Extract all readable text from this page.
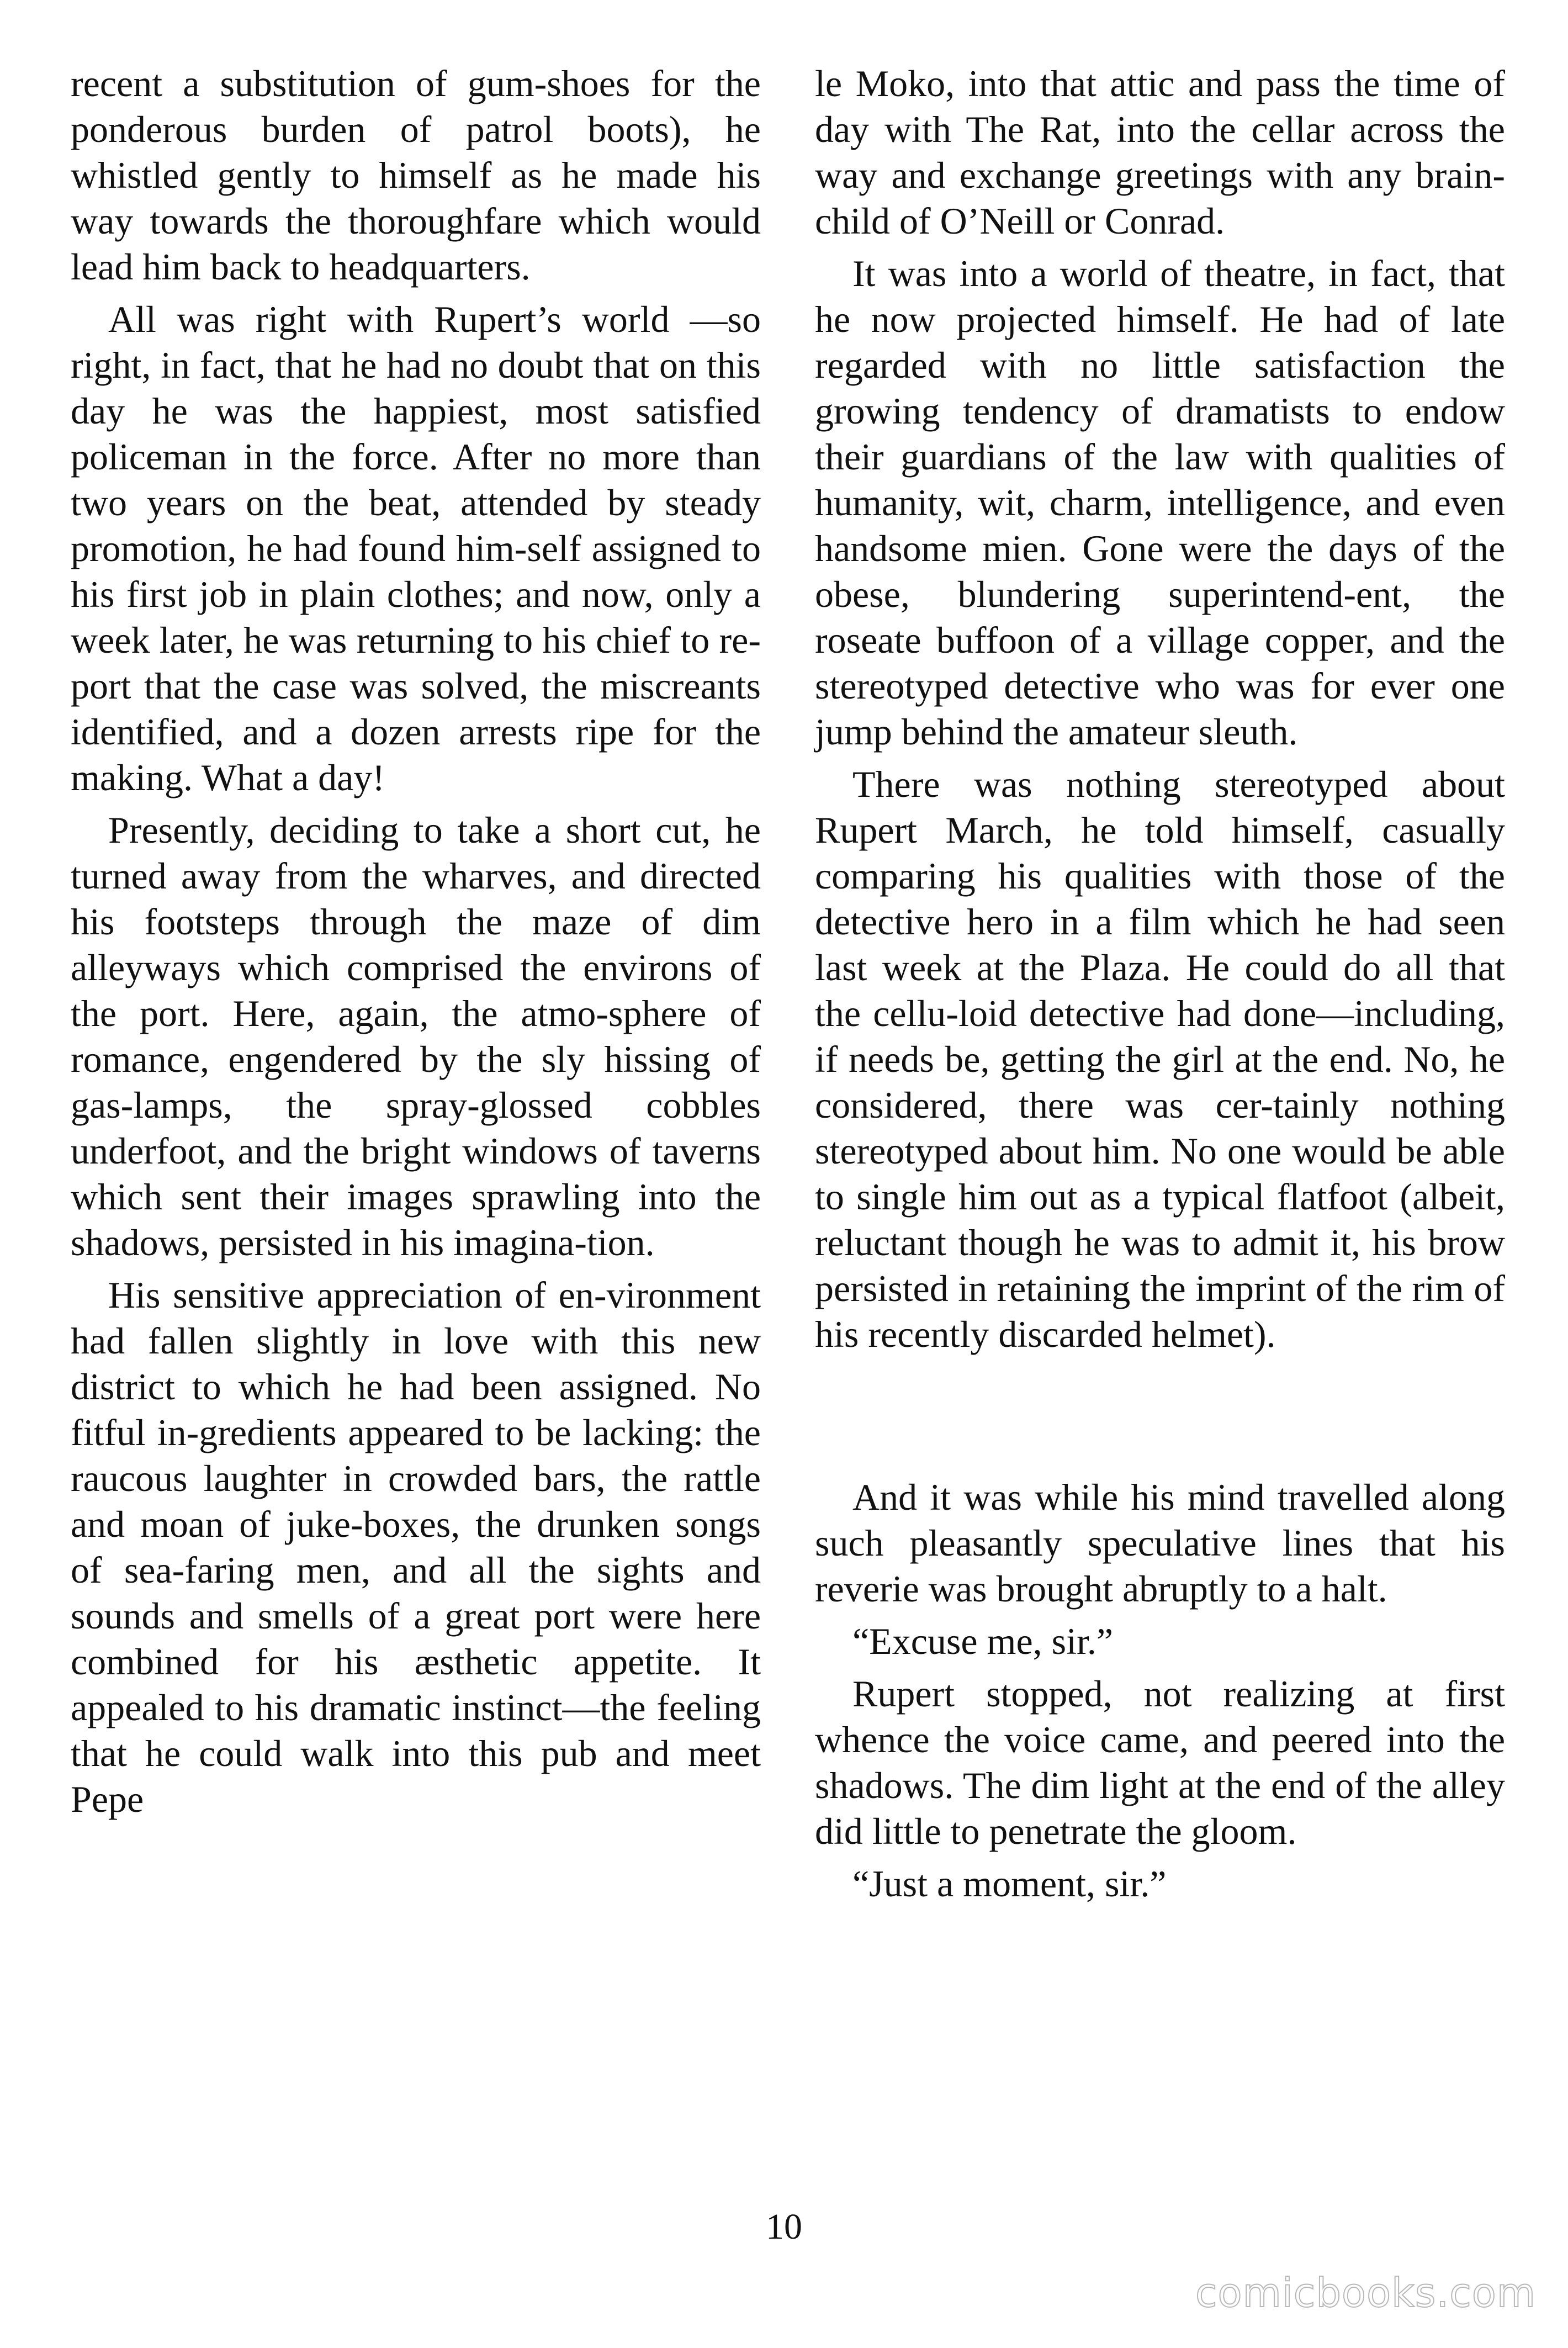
recent a substitution of gum-shoes for the ponderous burden of patrol boots), he whistled gently to himself as he made his way towards the thoroughfare which would lead him back to headquarters.

All was right with Rupert’s world —so right, in fact, that he had no doubt that on this day he was the happiest, most satisfied policeman in the force. After no more than two years on the beat, attended by steady promotion, he had found him-self assigned to his first job in plain clothes; and now, only a week later, he was returning to his chief to re-port that the case was solved, the miscreants identified, and a dozen arrests ripe for the making. What a day!

Presently, deciding to take a short cut, he turned away from the wharves, and directed his footsteps through the maze of dim alleyways which comprised the environs of the port. Here, again, the atmo-sphere of romance, engendered by the sly hissing of gas-lamps, the spray-glossed cobbles underfoot, and the bright windows of taverns which sent their images sprawling into the shadows, persisted in his imagina-tion.

His sensitive appreciation of en-vironment had fallen slightly in love with this new district to which he had been assigned. No fitful in-gredients appeared to be lacking: the raucous laughter in crowded bars, the rattle and moan of juke-boxes, the drunken songs of sea-faring men, and all the sights and sounds and smells of a great port were here combined for his æsthetic appetite. It appealed to his dramatic instinct—the feeling that he could walk into this pub and meet Pepe

le Moko, into that attic and pass the time of day with The Rat, into the cellar across the way and exchange greetings with any brain-child of O’Neill or Conrad.

It was into a world of theatre, in fact, that he now projected himself. He had of late regarded with no little satisfaction the growing tendency of dramatists to endow their guardians of the law with qualities of humanity, wit, charm, intelligence, and even handsome mien. Gone were the days of the obese, blundering superintend-ent, the roseate buffoon of a village copper, and the stereotyped detective who was for ever one jump behind the amateur sleuth.

There was nothing stereotyped about Rupert March, he told himself, casually comparing his qualities with those of the detective hero in a film which he had seen last week at the Plaza. He could do all that the cellu-loid detective had done—including, if needs be, getting the girl at the end. No, he considered, there was cer-tainly nothing stereotyped about him. No one would be able to single him out as a typical flatfoot (albeit, reluctant though he was to admit it, his brow persisted in retaining the imprint of the rim of his recently discarded helmet).

And it was while his mind travelled along such pleasantly speculative lines that his reverie was brought abruptly to a halt.

“Excuse me, sir.”

Rupert stopped, not realizing at first whence the voice came, and peered into the shadows. The dim light at the end of the alley did little to penetrate the gloom.

“Just a moment, sir.”

10
comicbooks.com
